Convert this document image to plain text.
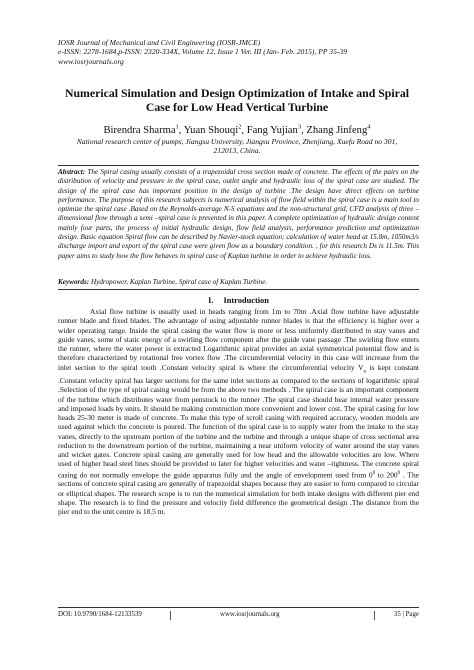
IOSR Journal of Mechanical and Civil Engineering (IOSR-JMCE)
e-ISSN: 2278-1684,p-ISSN: 2320-334X, Volume 12, Issue 1 Ver. III (Jan- Feb. 2015), PP 35-39
www.iosrjournals.org
Numerical Simulation and Design Optimization of Intake and Spiral Case for Low Head Vertical Turbine
Birendra Sharma$^1$, Yuan Shouqi$^2$, Fang Yujian$^3$, Zhang Jinfeng$^4$
National research center of pumps, Jiangsu University, Jiangsu Province, Zhenjiang, Xuefu Road no 301, 212013, China.
Abstract: The Spiral casing usually consists of a trapezoidal cross section made of concrete. The effects of the pairs on the distribution of velocity and pressure in the spiral case, outlet angle and hydraulic loss of the spiral case are studied. The design of the spiral case has important position in the design of turbine .The design have direct effects on turbine performance. The purpose of this research subjects is numerical analysis of flow field within the spiral case is a main tool to optimize the spiral case .Based on the Reynolds-average N-S equations and the non-structural grid, CFD analysis of three –dimensional flow through a semi –spiral case is presented in this paper. A complete optimization of hydraulic design content mainly four parts, the process of initial hydraulic design, flow field analysis, performance prediction and optimization design. Basic equation Spiral flow can be described by Navier-stock equation; calculation of water head at 15.8m, 1050m3/s discharge import and export of the spiral case were given flow as a boundary condition. , for this research Ds is 11.5m. This paper aims to study how the flow behaves in spiral case of Kaplan turbine in order to achieve hydraulic loss.
Keywords: Hydropower, Kaplan Turbine, Spiral case of Kaplan Turbine.
I. Introduction
Axial flow turbine is usually used in heads ranging from 1m to 70m .Axial flow turbine have adjustable runner blade and fixed blades. The advantage of using adjustable runner blades is that the efficiency is higher over a wider operating range. Inside the spiral casing the water flow is more or less uniformly distributed to stay vanes and guide vanes, some of static energy of a swirling flow component after the guide vane passage .The swirling flow enters the runner, where the water power is extracted Logarithmic spiral provides an axial symmetrical potential flow and is therefore characterized by rotational free vortex flow .The circumferential velocity in this case will increase from the inlet section to the spiral tooth .Constant velocity spiral is where the circumferential velocity $V_u$ is kept constant .Constant velocity spiral has larger sections for the same inlet sections as compared to the sections of logarithmic spiral .Selection of the type of spiral casing would be from the above two methods . The spiral case is an important component of the turbine which distributes water from penstock to the runner .The spiral case should bear internal water pressure and imposed loads by units. It should be making construction more convenient and lower cost. The spiral casing for low heads 25-30 meter is made of concrete. To make this type of scroll casing with required accuracy, wooden models are used against which the concrete is poured. The function of the spiral case is to supply water from the intake to the stay vanes, directly to the upstream portion of the turbine and the turbine and through a unique shape of cross sectional area reduction to the downstream portion of the turbine, maintaining a near uniform velocity of water around the stay vanes and wicket gates. Concrete spiral casing are generally used for low head and the allowable velocities are low. Where used of higher head steel lines should be provided to later for higher velocities and water –tightness. The concrete spiral casing do not normally envelope the guide apparatus fully and the angle of envelopment used from $0^0$ to $200^0$ . The sections of concrete spiral casing are generally of trapezoidal shapes because they are easier to form compared to circular or elliptical shapes. The research scope is to run the numerical simulation for both intake designs with different pier end shape. The research is to find the pressure and velocity field difference the geometrical design .The distance from the pier end to the unit centre is 18.5 m.
DOI: 10.9790/1684-12133539	www.iosrjournals.org	35 | Page
